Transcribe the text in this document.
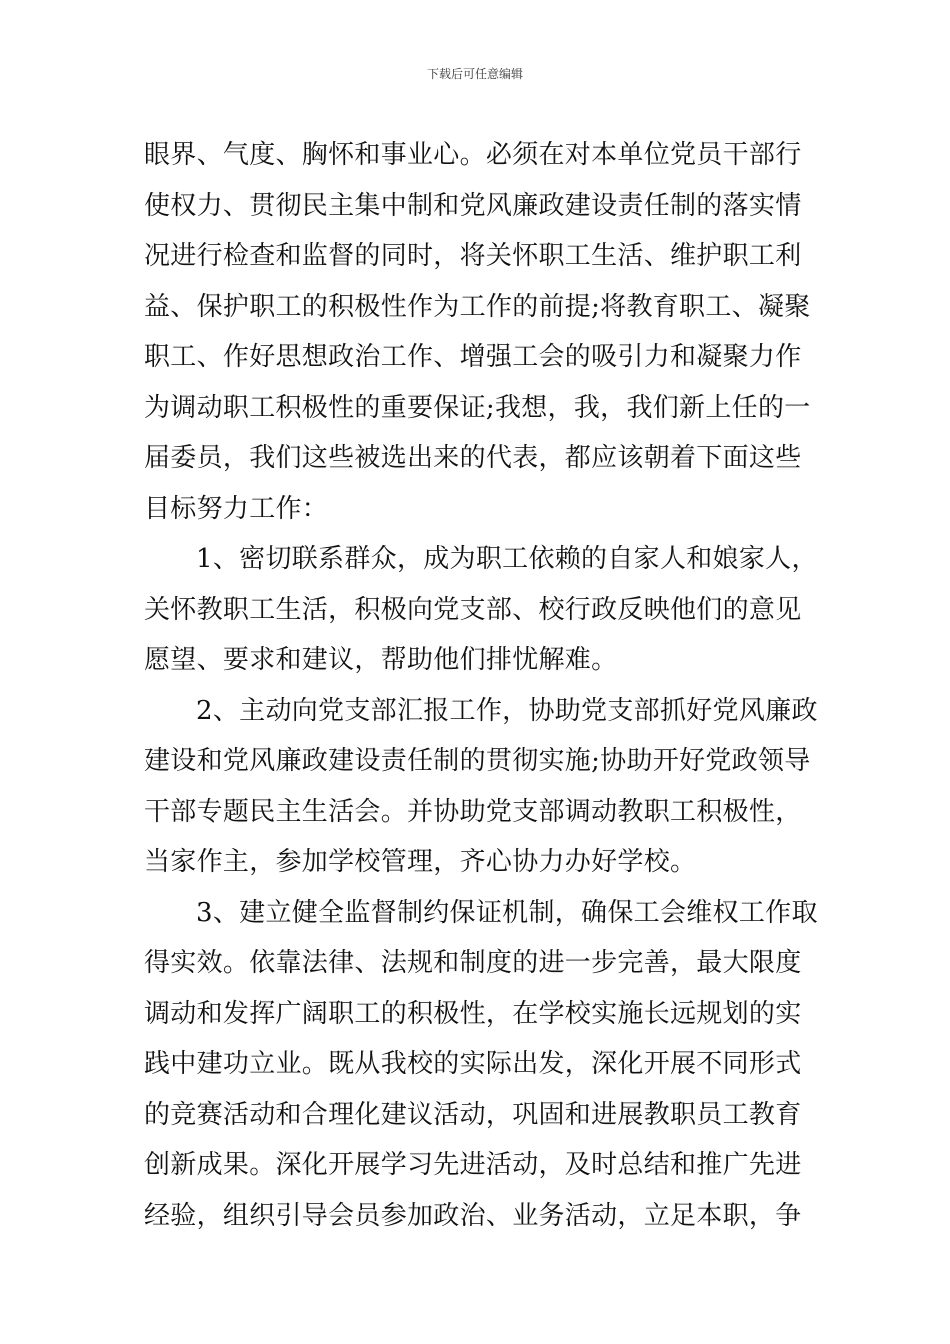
下载后可任意编辑
眼界、气度、胸怀和事业心。必须在对本单位党员干部行
使权力、贯彻民主集中制和党风廉政建设责任制的落实情
况进行检查和监督的同时，将关怀职工生活、维护职工利
益、保护职工的积极性作为工作的前提;将教育职工、凝聚
职工、作好思想政治工作、增强工会的吸引力和凝聚力作
为调动职工积极性的重要保证;我想，我，我们新上任的一
届委员，我们这些被选出来的代表，都应该朝着下面这些
目标努力工作：
1、密切联系群众，成为职工依赖的自家人和娘家人，
关怀教职工生活，积极向党支部、校行政反映他们的意见
愿望、要求和建议，帮助他们排忧解难。
2、主动向党支部汇报工作，协助党支部抓好党风廉政
建设和党风廉政建设责任制的贯彻实施;协助开好党政领导
干部专题民主生活会。并协助党支部调动教职工积极性，
当家作主，参加学校管理，齐心协力办好学校。
3、建立健全监督制约保证机制，确保工会维权工作取
得实效。依靠法律、法规和制度的进一步完善，最大限度
调动和发挥广阔职工的积极性，在学校实施长远规划的实
践中建功立业。既从我校的实际出发，深化开展不同形式
的竞赛活动和合理化建议活动，巩固和进展教职员工教育
创新成果。深化开展学习先进活动，及时总结和推广先进
经验，组织引导会员参加政治、业务活动，立足本职，争
